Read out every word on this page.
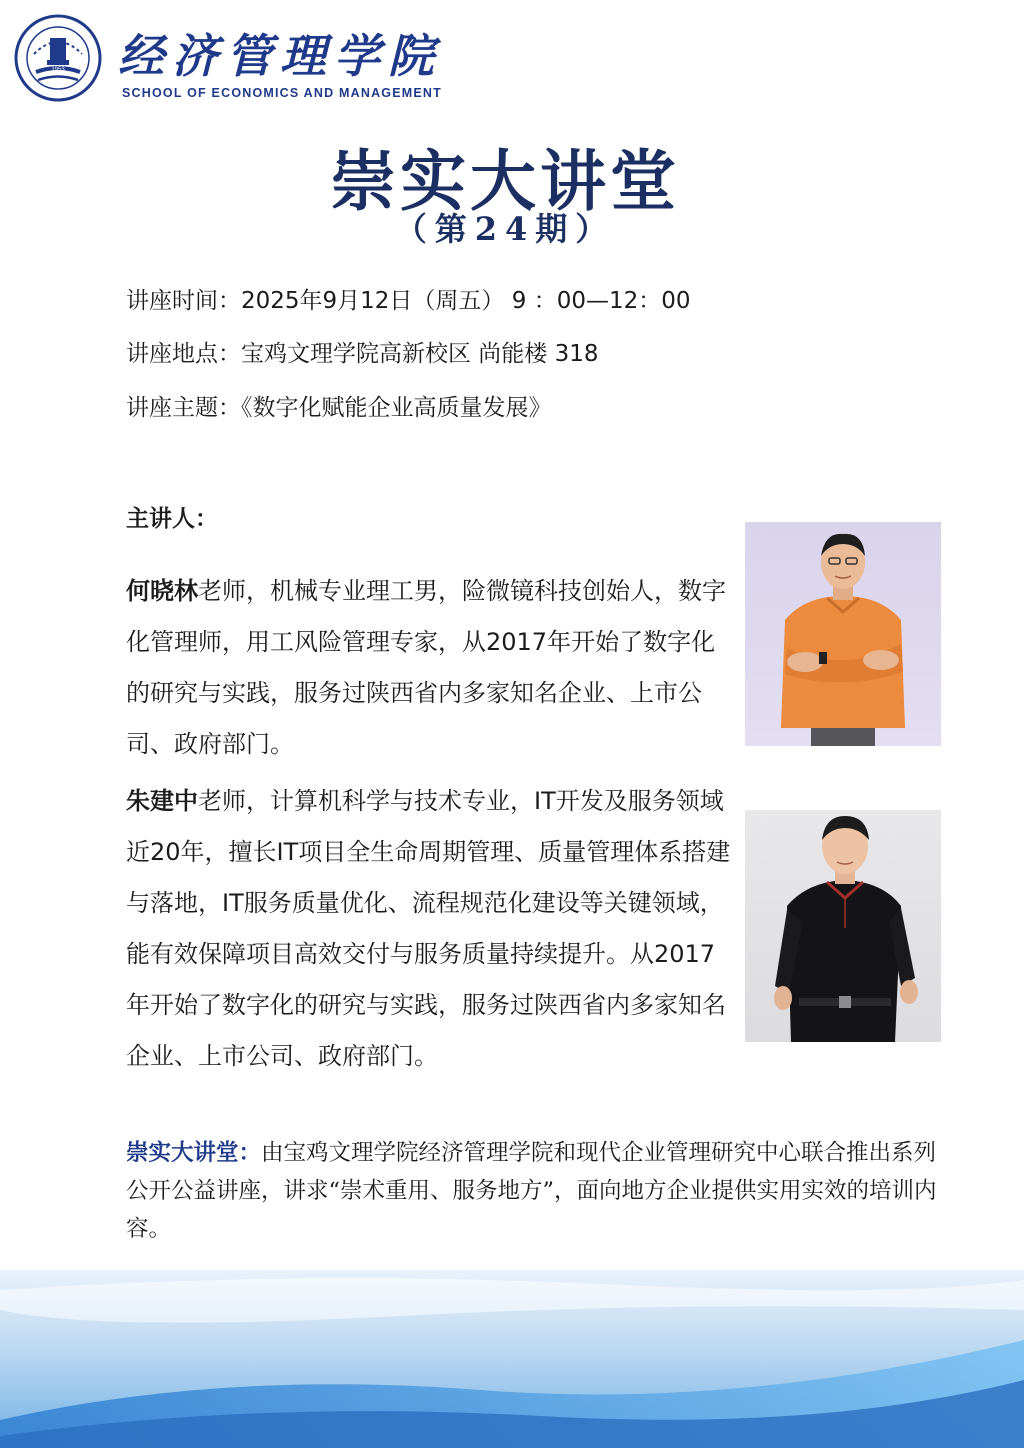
1953 经济管理学院
SCHOOL OF ECONOMICS AND MANAGEMENT
崇实大讲堂
（第24期）
讲座时间：2025年9月12日（周五） 9 ：00—12：00
讲座地点：宝鸡文理学院高新校区 尚能楼 318
讲座主题：《数字化赋能企业高质量发展》
主讲人：
何晓林老师，机械专业理工男，险微镜科技创始人，数字化管理师，用工风险管理专家，从2017年开始了数字化的研究与实践，服务过陕西省内多家知名企业、上市公司、政府部门。
朱建中老师，计算机科学与技术专业，IT开发及服务领域近20年，擅长IT项目全生命周期管理、质量管理体系搭建与落地，IT服务质量优化、流程规范化建设等关键领域，能有效保障项目高效交付与服务质量持续提升。从2017年开始了数字化的研究与实践，服务过陕西省内多家知名企业、上市公司、政府部门。
崇实大讲堂：由宝鸡文理学院经济管理学院和现代企业管理研究中心联合推出系列公开公益讲座，讲求“崇术重用、服务地方”，面向地方企业提供实用实效的培训内容。
